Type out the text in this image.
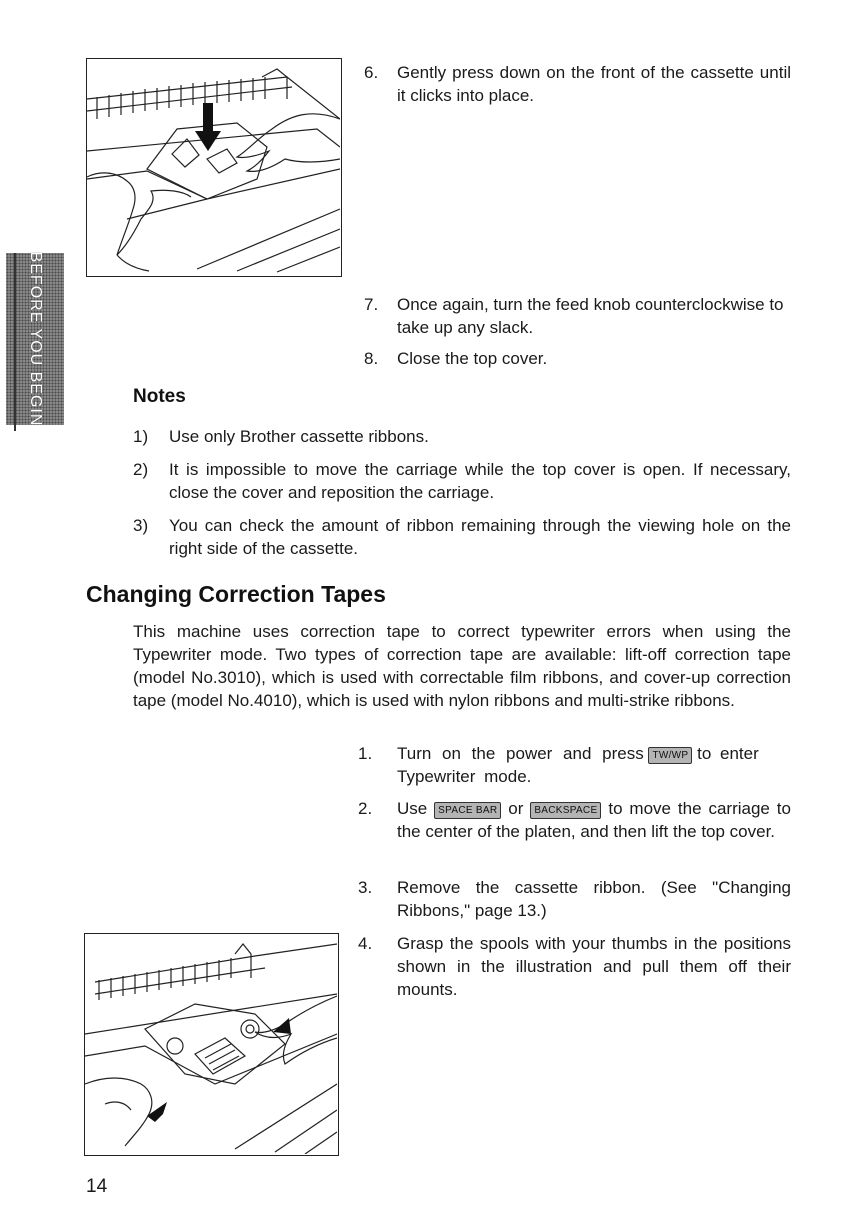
BEFORE YOU BEGIN
6. Gently press down on the front of the cassette until it clicks into place.
7. Once again, turn the feed knob counterclockwise to take up any slack.
8. Close the top cover.
Notes
1) Use only Brother cassette ribbons.
2) It is impossible to move the carriage while the top cover is open. If necessary, close the cover and reposition the carriage.
3) You can check the amount of ribbon remaining through the viewing hole on the right side of the cassette.
Changing Correction Tapes
This machine uses correction tape to correct typewriter errors when using the Typewriter mode. Two types of correction tape are available: lift-off correction tape (model No.3010), which is used with correctable film ribbons, and cover-up correction tape (model No.4010), which is used with nylon ribbons and multi-strike ribbons.
1. Turn on the power and press TW/WP to enter Typewriter mode.
2. Use SPACE BAR or BACKSPACE to move the carriage to the center of the platen, and then lift the top cover.
3. Remove the cassette ribbon. (See "Changing Ribbons," page 13.)
4. Grasp the spools with your thumbs in the positions shown in the illustration and pull them off their mounts.
14
